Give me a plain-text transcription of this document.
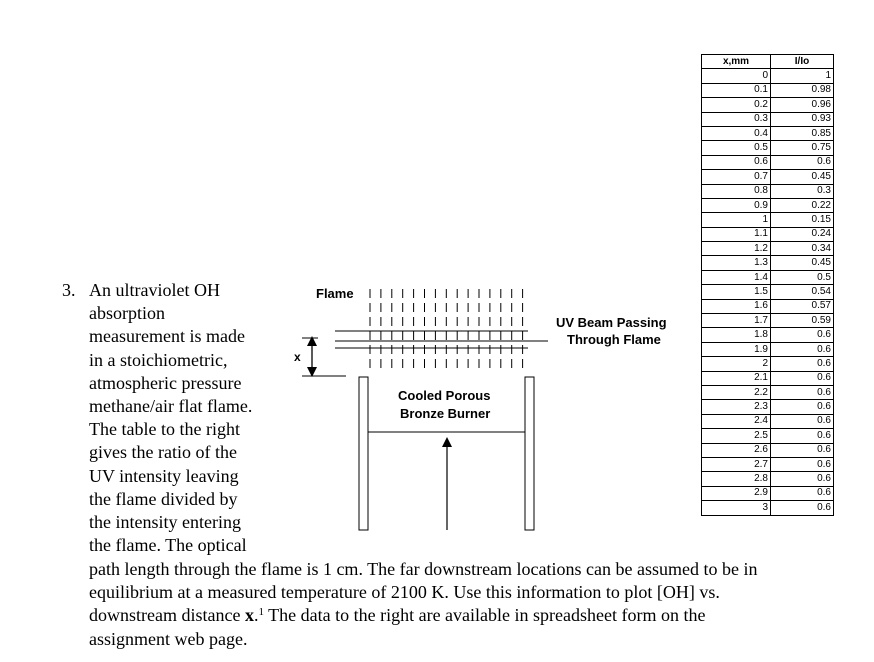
3. An ultraviolet OH
absorption
measurement is made
in a stoichiometric,
atmospheric pressure
methane/air flat flame.
The table to the right
gives the ratio of the
UV intensity leaving
the flame divided by
the intensity entering
the flame. The optical
path length through the flame is 1 cm. The far downstream locations can be assumed to be in
equilibrium at a measured temperature of 2100 K. Use this information to plot [OH] vs.
downstream distance x.$^1$ The data to the right are available in spreadsheet form on the
assignment web page.
Flame
UV Beam Passing
Through Flame
x
Cooled Porous
Bronze Burner
x,mm	I/Io
0	1
0.1	0.98
0.2	0.96
0.3	0.93
0.4	0.85
0.5	0.75
0.6	0.6
0.7	0.45
0.8	0.3
0.9	0.22
1	0.15
1.1	0.24
1.2	0.34
1.3	0.45
1.4	0.5
1.5	0.54
1.6	0.57
1.7	0.59
1.8	0.6
1.9	0.6
2	0.6
2.1	0.6
2.2	0.6
2.3	0.6
2.4	0.6
2.5	0.6
2.6	0.6
2.7	0.6
2.8	0.6
2.9	0.6
3	0.6
